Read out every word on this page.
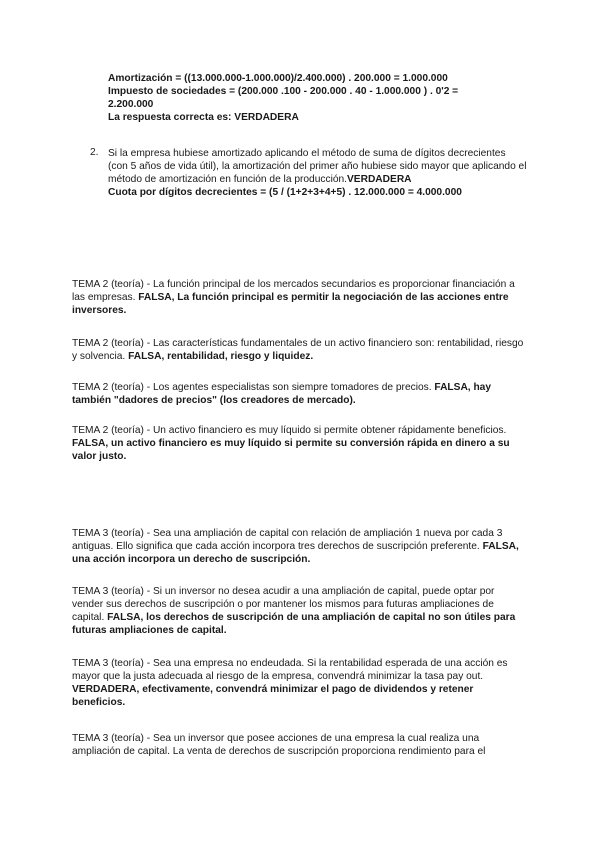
Amortización = ((13.000.000-1.000.000)/2.400.000) . 200.000 = 1.000.000

Impuesto de sociedades = (200.000 .100 - 200.000 . 40 - 1.000.000 ) . 0'2 =

2.200.000

La respuesta correcta es: VERDADERA

2. Si la empresa hubiese amortizado aplicando el método de suma de dígitos decrecientes (con 5 años de vida útil), la amortización del primer año hubiese sido mayor que aplicando el método de amortización en función de la producción.VERDADERA

Cuota por dígitos decrecientes = (5 / (1+2+3+4+5) . 12.000.000 = 4.000.000

TEMA 2 (teoría) - La función principal de los mercados secundarios es proporcionar financiación a las empresas. FALSA, La función principal es permitir la negociación de las acciones entre inversores.
TEMA 2 (teoría) - Las características fundamentales de un activo financiero son: rentabilidad, riesgo y solvencia. FALSA, rentabilidad, riesgo y liquidez.
TEMA 2 (teoría) - Los agentes especialistas son siempre tomadores de precios. FALSA, hay también "dadores de precios" (los creadores de mercado).
TEMA 2 (teoría) - Un activo financiero es muy líquido si permite obtener rápidamente beneficios. FALSA, un activo financiero es muy líquido si permite su conversión rápida en dinero a su valor justo.
TEMA 3 (teoría) - Sea una ampliación de capital con relación de ampliación 1 nueva por cada 3 antiguas. Ello significa que cada acción incorpora tres derechos de suscripción preferente. FALSA, una acción incorpora un derecho de suscripción.
TEMA 3 (teoría) - Si un inversor no desea acudir a una ampliación de capital, puede optar por vender sus derechos de suscripción o por mantener los mismos para futuras ampliaciones de capital. FALSA, los derechos de suscripción de una ampliación de capital no son útiles para futuras ampliaciones de capital.
TEMA 3 (teoría) - Sea una empresa no endeudada. Si la rentabilidad esperada de una acción es mayor que la justa adecuada al riesgo de la empresa, convendrá minimizar la tasa pay out. VERDADERA, efectivamente, convendrá minimizar el pago de dividendos y retener beneficios.
TEMA 3 (teoría) - Sea un inversor que posee acciones de una empresa la cual realiza una ampliación de capital. La venta de derechos de suscripción proporciona rendimiento para el
